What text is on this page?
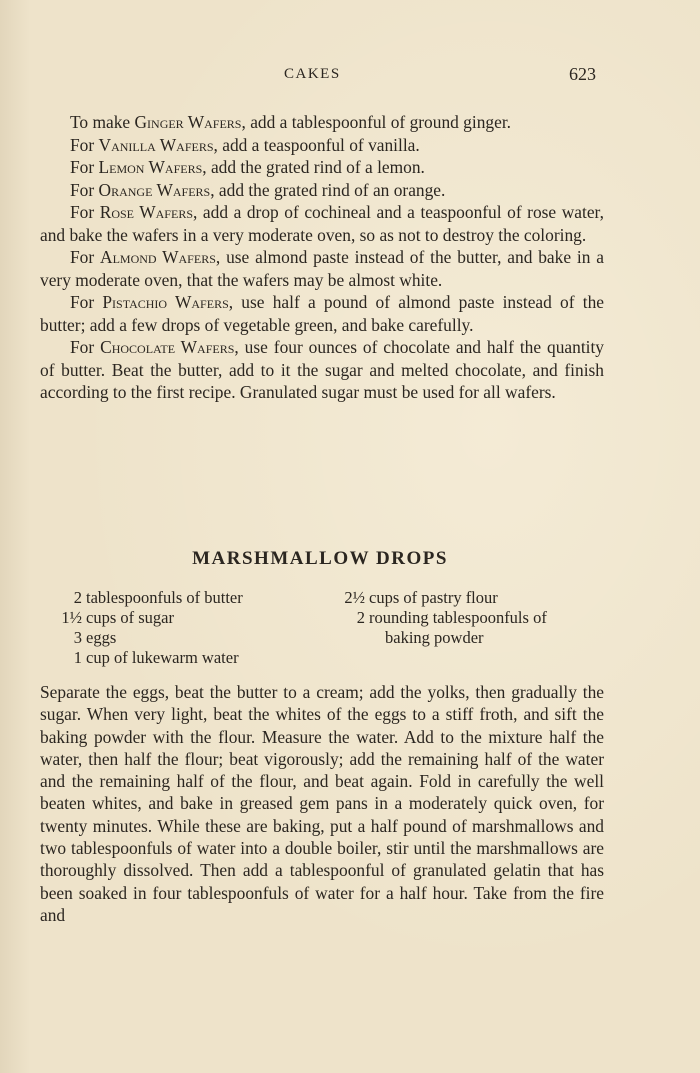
CAKES	623

To make Ginger Wafers, add a tablespoonful of ground ginger.

For Vanilla Wafers, add a teaspoonful of vanilla.

For Lemon Wafers, add the grated rind of a lemon.

For Orange Wafers, add the grated rind of an orange.

For Rose Wafers, add a drop of cochineal and a teaspoonful of rose water, and bake the wafers in a very moderate oven, so as not to destroy the coloring.

For Almond Wafers, use almond paste instead of the butter, and bake in a very moderate oven, that the wafers may be almost white.

For Pistachio Wafers, use half a pound of almond paste instead of the butter; add a few drops of vegetable green, and bake carefully.

For Chocolate Wafers, use four ounces of chocolate and half the quantity of butter. Beat the butter, add to it the sugar and melted chocolate, and finish according to the first recipe. Granulated sugar must be used for all wafers.

MARSHMALLOW DROPS
2 tablespoonfuls of butter
1½ cups of sugar
3 eggs
1 cup of lukewarm water
2½ cups of pastry flour
2 rounding tablespoonfuls of
baking powder

Separate the eggs, beat the butter to a cream; add the yolks, then gradually the sugar. When very light, beat the whites of the eggs to a stiff froth, and sift the baking powder with the flour. Measure the water. Add to the mixture half the water, then half the flour; beat vigorously; add the remaining half of the water and the remaining half of the flour, and beat again. Fold in carefully the well beaten whites, and bake in greased gem pans in a moderately quick oven, for twenty minutes. While these are baking, put a half pound of marshmallows and two tablespoonfuls of water into a double boiler, stir until the marshmallows are thoroughly dissolved. Then add a tablespoonful of granulated gelatin that has been soaked in four tablespoonfuls of water for a half hour. Take from the fire and
